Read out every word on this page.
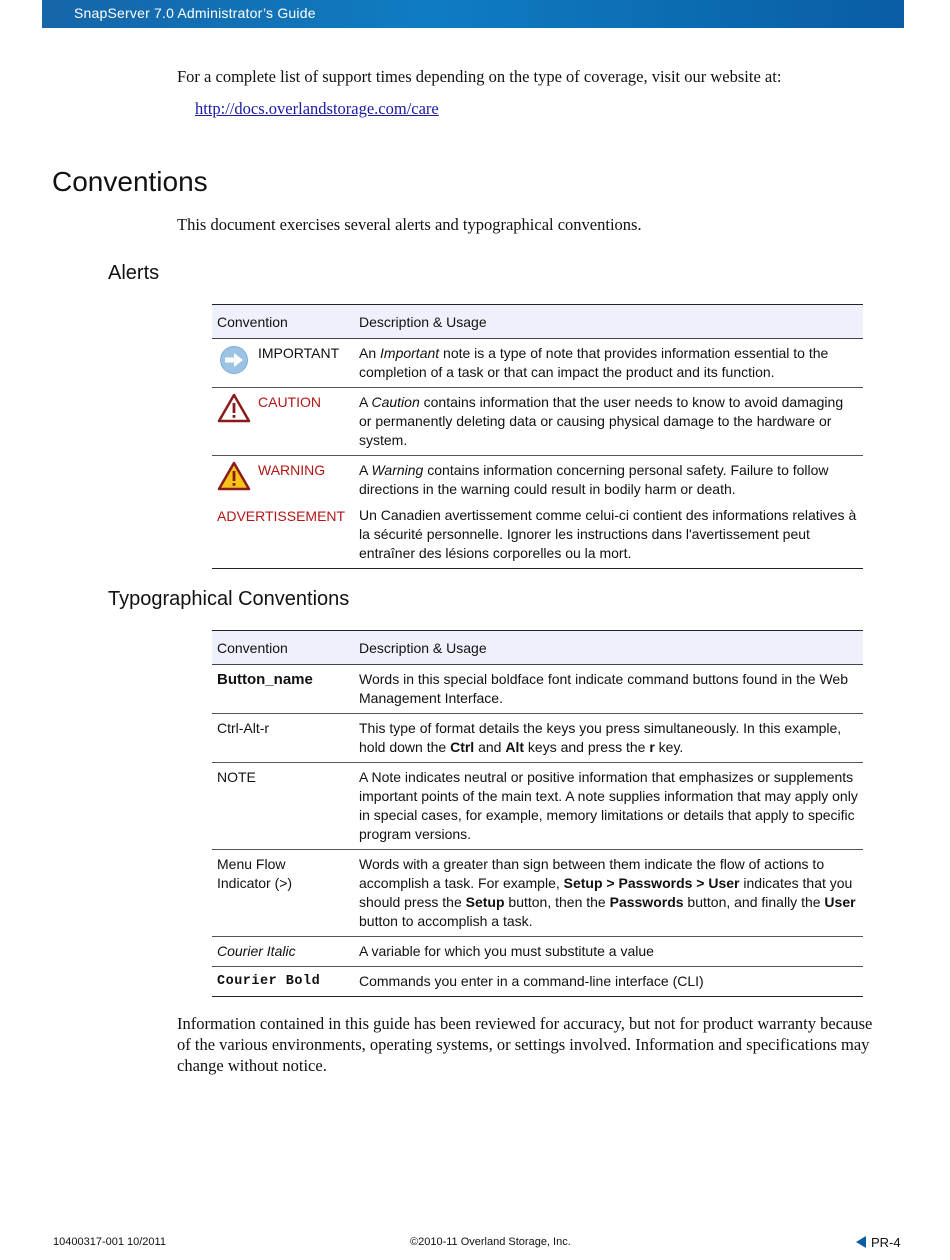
SnapServer 7.0 Administrator’s Guide
For a complete list of support times depending on the type of coverage, visit our website at:
http://docs.overlandstorage.com/care
Conventions
This document exercises several alerts and typographical conventions.
Alerts
Convention	Description & Usage

IMPORTANT	An Important note is a type of note that provides information essential to the completion of a task or that can impact the product and its function.

CAUTION	A Caution contains information that the user needs to know to avoid damaging or permanently deleting data or causing physical damage to the hardware or system.

WARNING	A Warning contains information concerning personal safety. Failure to follow directions in the warning could result in bodily harm or death.
ADVERTISSEMENT	Un Canadien avertissement comme celui-ci contient des informations relatives à la sécurité personnelle. Ignorer les instructions dans l'avertissement peut entraîner des lésions corporelles ou la mort.
Typographical Conventions
Convention	Description & Usage
Button_name	Words in this special boldface font indicate command buttons found in the Web Management Interface.
Ctrl-Alt-r	This type of format details the keys you press simultaneously. In this example, hold down the Ctrl and Alt keys and press the r key.
NOTE	A Note indicates neutral or positive information that emphasizes or supplements important points of the main text. A note supplies information that may apply only in special cases, for example, memory limitations or details that apply to specific program versions.
Menu Flow
Indicator (>)	Words with a greater than sign between them indicate the flow of actions to accomplish a task. For example, Setup > Passwords > User indicates that you should press the Setup button, then the Passwords button, and finally the User button to accomplish a task.
Courier Italic	A variable for which you must substitute a value
Courier Bold	Commands you enter in a command-line interface (CLI)
Information contained in this guide has been reviewed for accuracy, but not for product warranty because of the various environments, operating systems, or settings involved. Information and specifications may change without notice.
10400317-001 10/2011	©2010-11 Overland Storage, Inc.	PR-4
